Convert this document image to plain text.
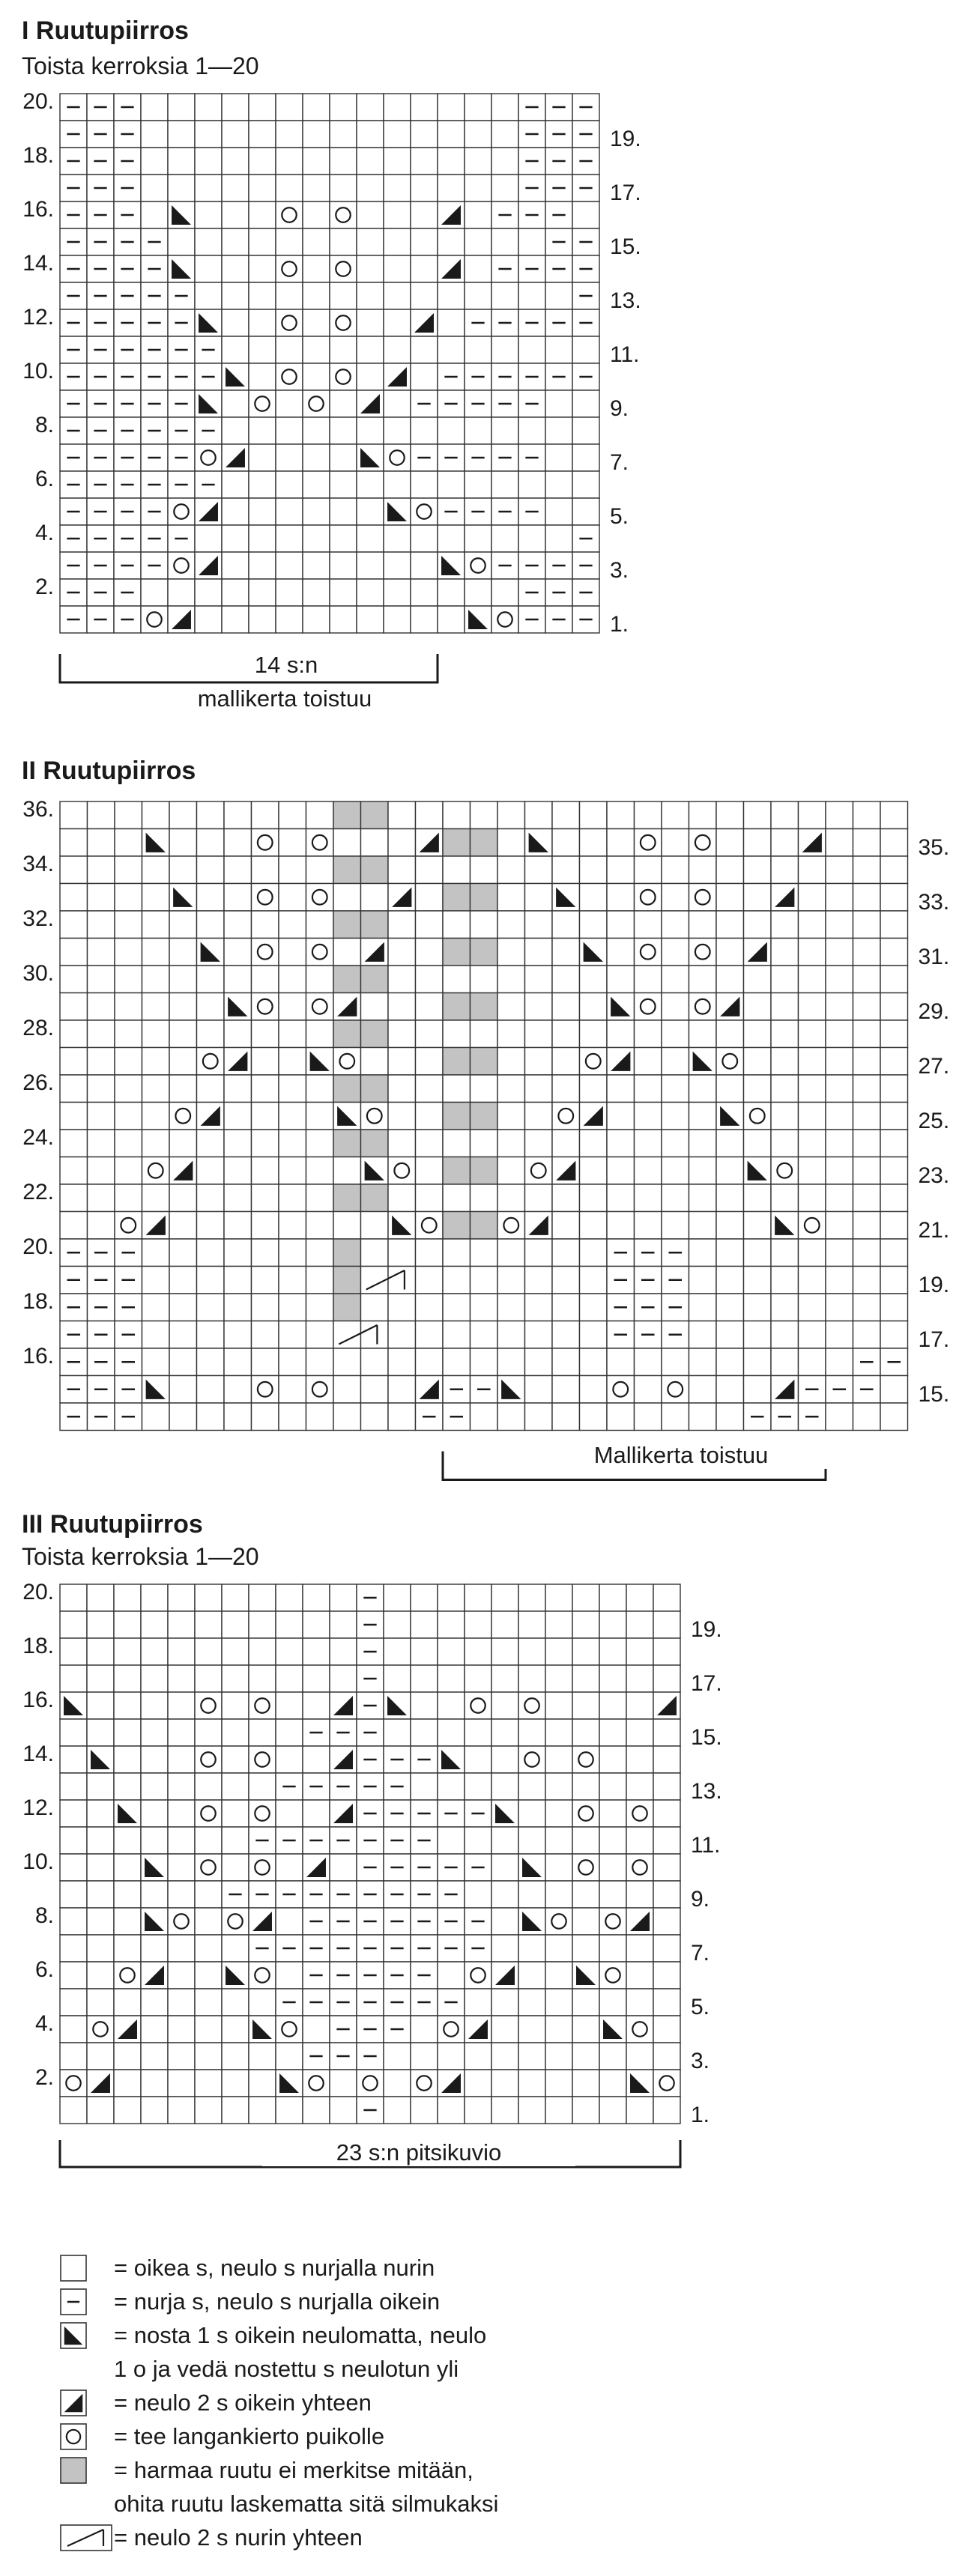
I Ruutupiirros
Toista kerroksia 1—20
20.
18.
16.
14.
12.
10.
8.
6.
4.
2.
19.
17.
15.
13.
11.
9.
7.
5.
3.
1.
14 s:n
mallikerta toistuu
II Ruutupiirros
36.
34.
32.
30.
28.
26.
24.
22.
20.
18.
16.
35.
33.
31.
29.
27.
25.
23.
21.
19.
17.
15.
Mallikerta toistuu
III Ruutupiirros
Toista kerroksia 1—20
20.
18.
16.
14.
12.
10.
8.
6.
4.
2.
19.
17.
15.
13.
11.
9.
7.
5.
3.
1.
23 s:n pitsikuvio
= oikea s, neulo s nurjalla nurin
= nurja s, neulo s nurjalla oikein
= nosta 1 s oikein neulomatta, neulo
1 o ja vedä nostettu s neulotun yli
= neulo 2 s oikein yhteen
= tee langankierto puikolle
= harmaa ruutu ei merkitse mitään,
ohita ruutu laskematta sitä silmukaksi
= neulo 2 s nurin yhteen
